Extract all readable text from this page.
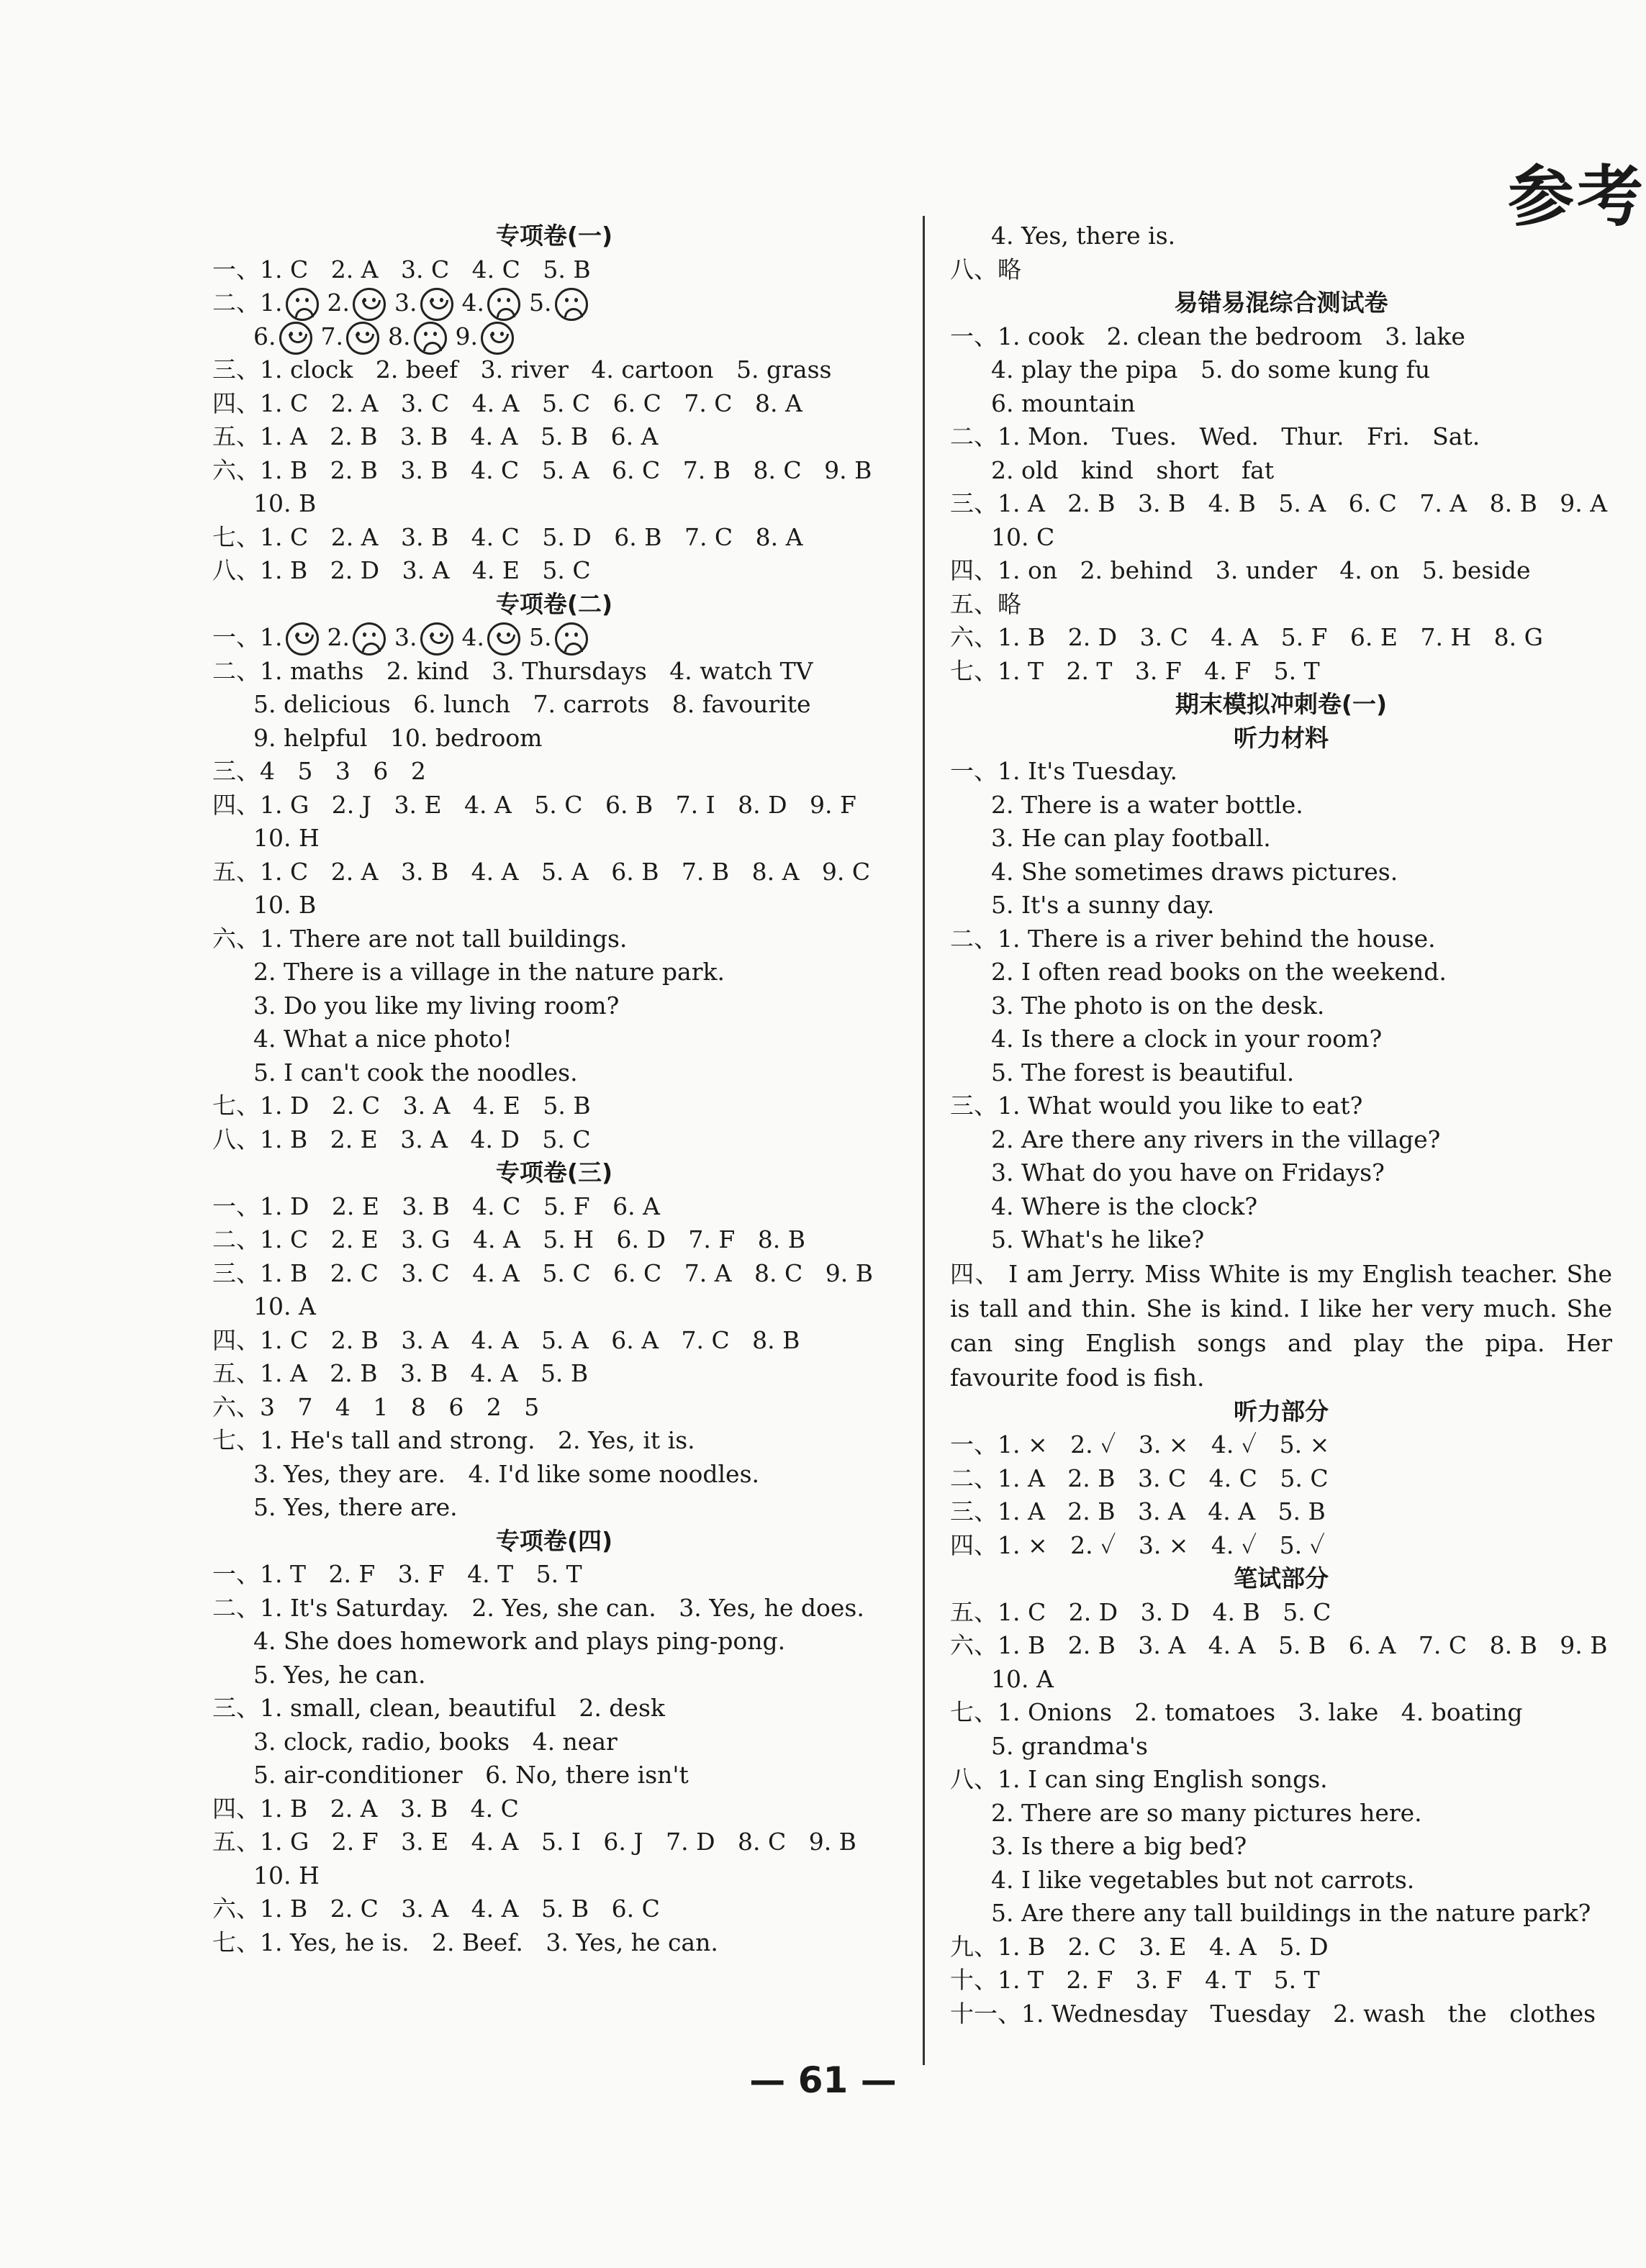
参考
专项卷(一)
一、1. C   2. A   3. C   4. C   5. B
二、1. 2. 3. 4. 5.
6. 7. 8. 9.
三、1. clock   2. beef   3. river   4. cartoon   5. grass
四、1. C   2. A   3. C   4. A   5. C   6. C   7. C   8. A
五、1. A   2. B   3. B   4. A   5. B   6. A
六、1. B   2. B   3. B   4. C   5. A   6. C   7. B   8. C   9. B
10. B
七、1. C   2. A   3. B   4. C   5. D   6. B   7. C   8. A
八、1. B   2. D   3. A   4. E   5. C
专项卷(二)
一、1. 2. 3. 4. 5.
二、1. maths   2. kind   3. Thursdays   4. watch TV
5. delicious   6. lunch   7. carrots   8. favourite
9. helpful   10. bedroom
三、4   5   3   6   2
四、1. G   2. J   3. E   4. A   5. C   6. B   7. I   8. D   9. F
10. H
五、1. C   2. A   3. B   4. A   5. A   6. B   7. B   8. A   9. C
10. B
六、1. There are not tall buildings.
2. There is a village in the nature park.
3. Do you like my living room?
4. What a nice photo!
5. I can't cook the noodles.
七、1. D   2. C   3. A   4. E   5. B
八、1. B   2. E   3. A   4. D   5. C
专项卷(三)
一、1. D   2. E   3. B   4. C   5. F   6. A
二、1. C   2. E   3. G   4. A   5. H   6. D   7. F   8. B
三、1. B   2. C   3. C   4. A   5. C   6. C   7. A   8. C   9. B
10. A
四、1. C   2. B   3. A   4. A   5. A   6. A   7. C   8. B
五、1. A   2. B   3. B   4. A   5. B
六、3   7   4   1   8   6   2   5
七、1. He's tall and strong.   2. Yes, it is.
3. Yes, they are.   4. I'd like some noodles.
5. Yes, there are.
专项卷(四)
一、1. T   2. F   3. F   4. T   5. T
二、1. It's Saturday.   2. Yes, she can.   3. Yes, he does.
4. She does homework and plays ping-pong.
5. Yes, he can.
三、1. small, clean, beautiful   2. desk
3. clock, radio, books   4. near
5. air-conditioner   6. No, there isn't
四、1. B   2. A   3. B   4. C
五、1. G   2. F   3. E   4. A   5. I   6. J   7. D   8. C   9. B
10. H
六、1. B   2. C   3. A   4. A   5. B   6. C
七、1. Yes, he is.   2. Beef.   3. Yes, he can.
4. Yes, there is.
八、略
易错易混综合测试卷
一、1. cook   2. clean the bedroom   3. lake
4. play the pipa   5. do some kung fu
6. mountain
二、1. Mon.   Tues.   Wed.   Thur.   Fri.   Sat.
2. old   kind   short   fat
三、1. A   2. B   3. B   4. B   5. A   6. C   7. A   8. B   9. A
10. C
四、1. on   2. behind   3. under   4. on   5. beside
五、略
六、1. B   2. D   3. C   4. A   5. F   6. E   7. H   8. G
七、1. T   2. T   3. F   4. F   5. T
期末模拟冲刺卷(一)
听力材料
一、1. It's Tuesday.
2. There is a water bottle.
3. He can play football.
4. She sometimes draws pictures.
5. It's a sunny day.
二、1. There is a river behind the house.
2. I often read books on the weekend.
3. The photo is on the desk.
4. Is there a clock in your room?
5. The forest is beautiful.
三、1. What would you like to eat?
2. Are there any rivers in the village?
3. What do you have on Fridays?
4. Where is the clock?
5. What's he like?
四、 I am Jerry. Miss White is my English teacher. She is tall and thin. She is kind. I like her very much. She can sing English songs and play the pipa. Her favourite food is fish.
听力部分
一、1. ×   2. ✓   3. ×   4. ✓   5. ×
二、1. A   2. B   3. C   4. C   5. C
三、1. A   2. B   3. A   4. A   5. B
四、1. ×   2. ✓   3. ×   4. ✓   5. ✓
笔试部分
五、1. C   2. D   3. D   4. B   5. C
六、1. B   2. B   3. A   4. A   5. B   6. A   7. C   8. B   9. B
10. A
七、1. Onions   2. tomatoes   3. lake   4. boating
5. grandma's
八、1. I can sing English songs.
2. There are so many pictures here.
3. Is there a big bed?
4. I like vegetables but not carrots.
5. Are there any tall buildings in the nature park?
九、1. B   2. C   3. E   4. A   5. D
十、1. T   2. F   3. F   4. T   5. T
十一、1. Wednesday   Tuesday   2. wash   the   clothes
— 61 —
